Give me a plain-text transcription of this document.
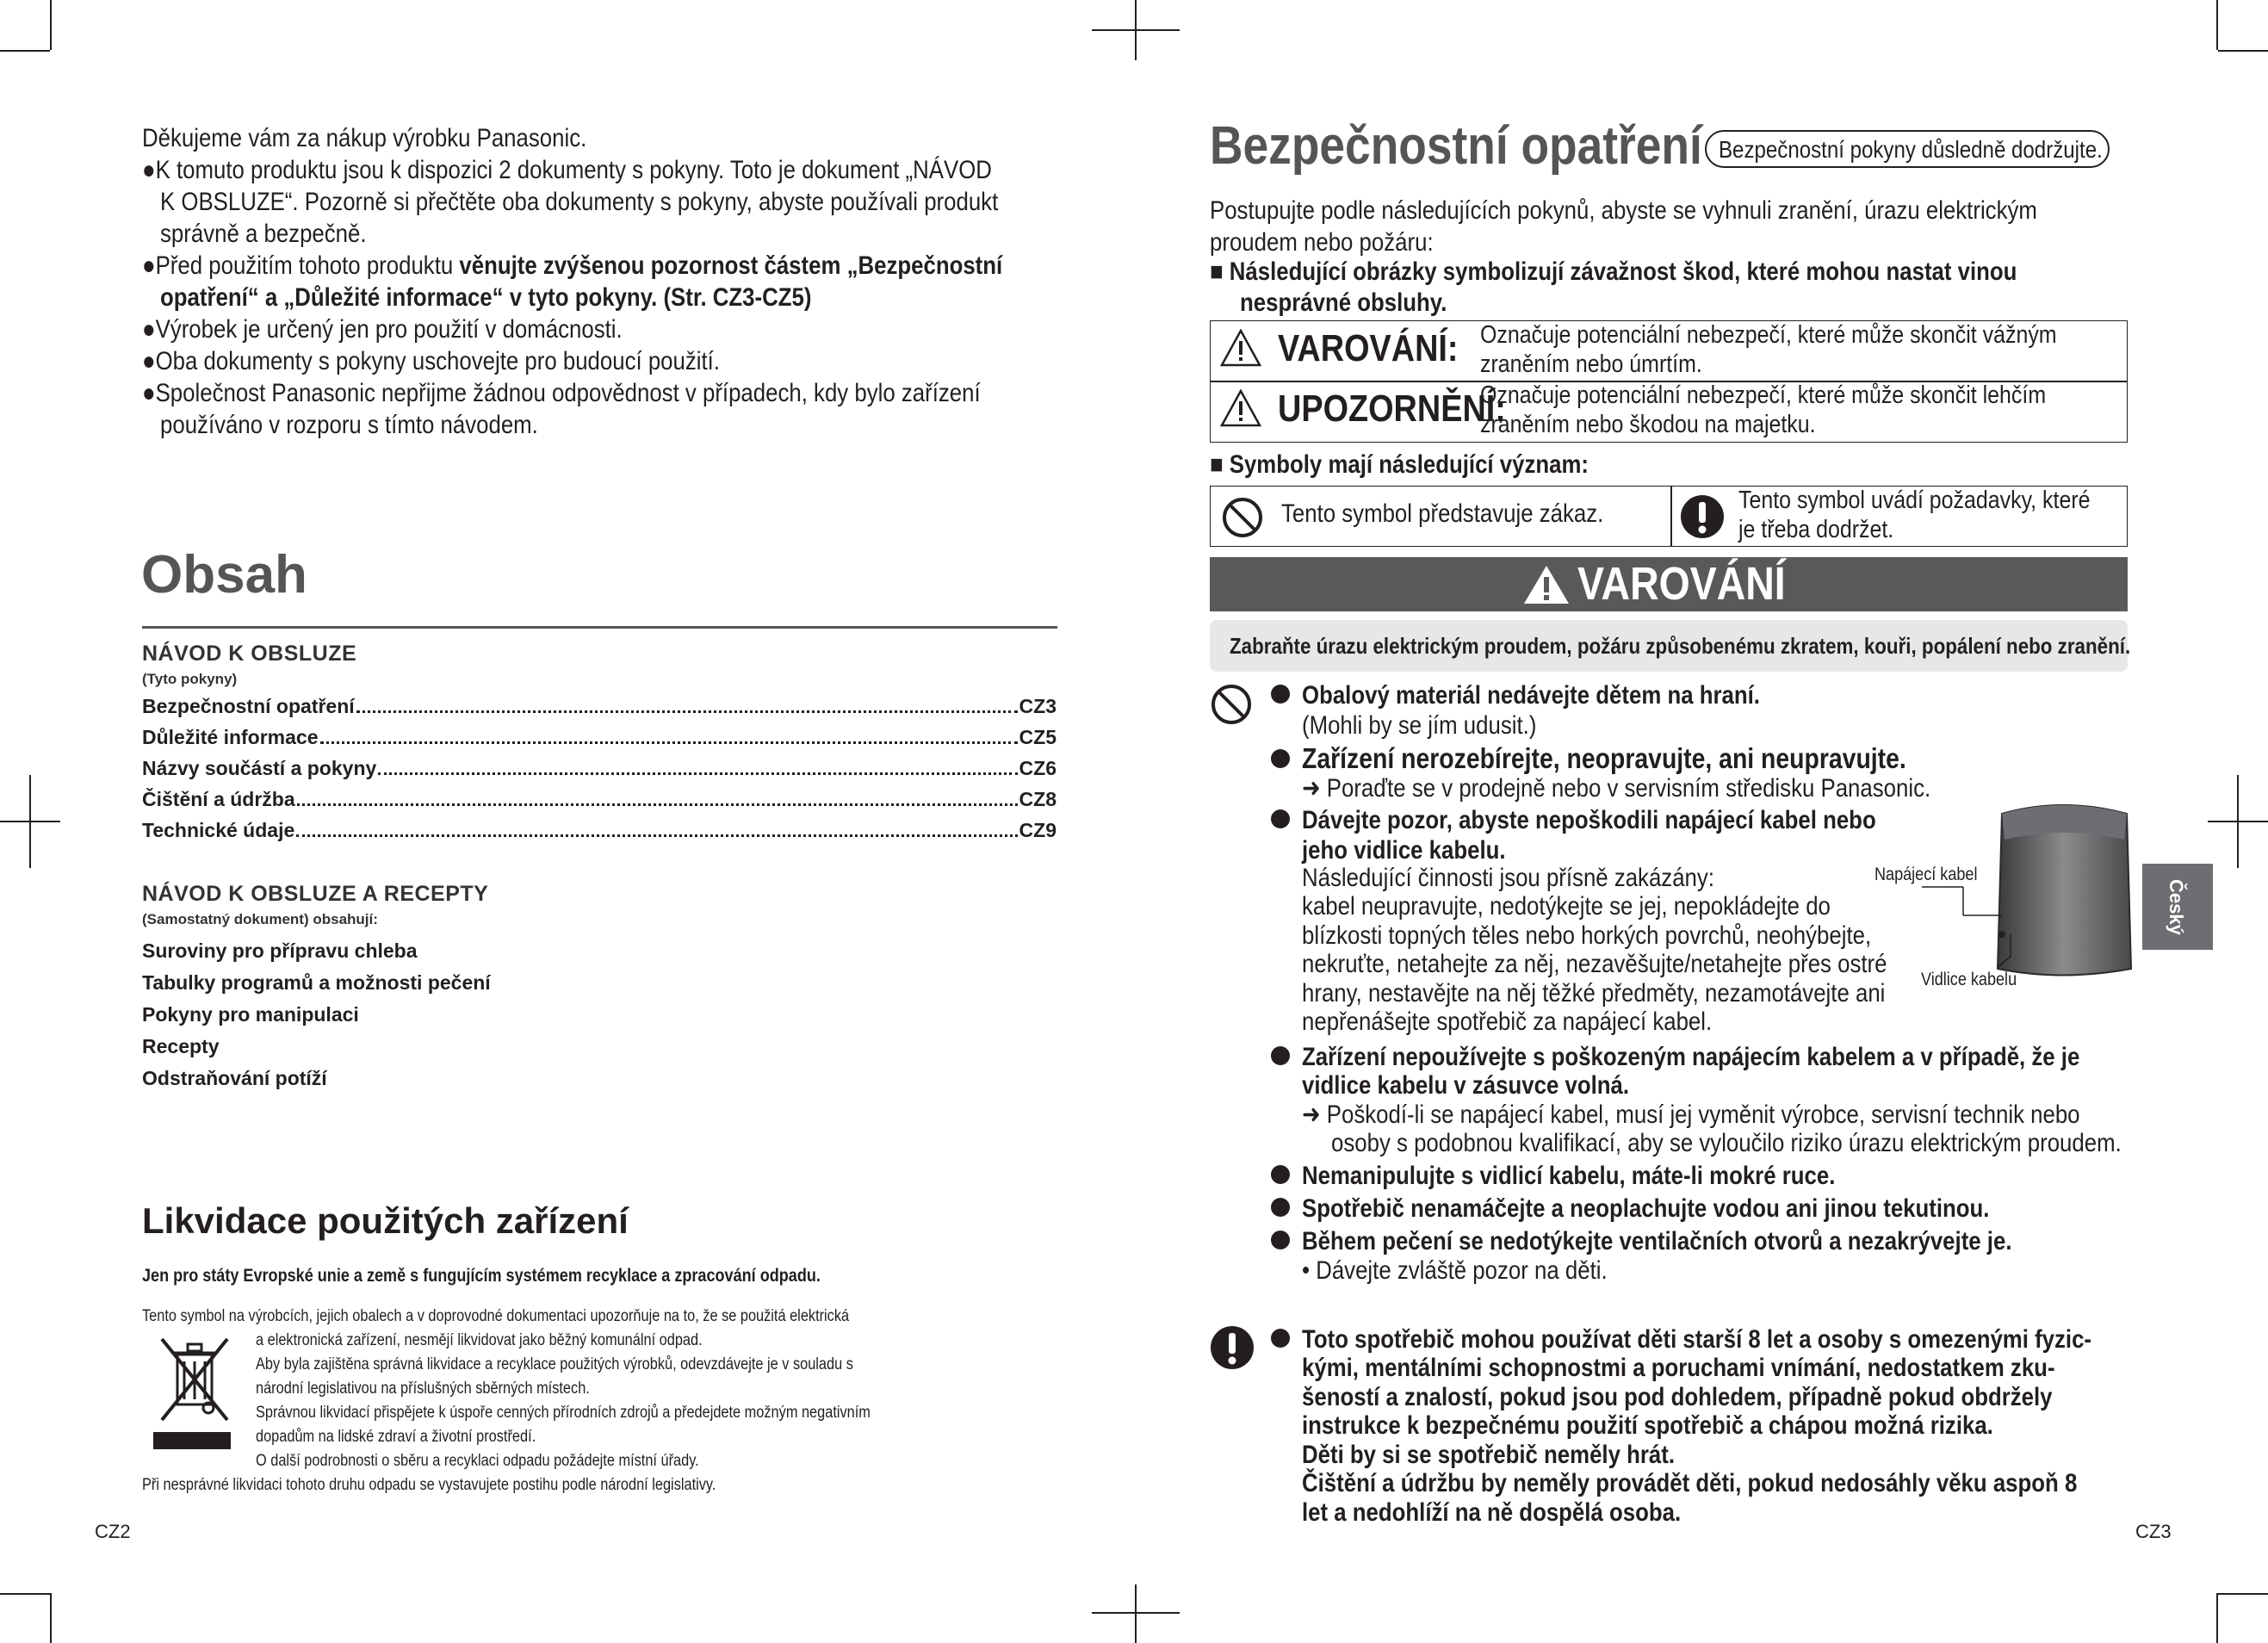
Děkujeme vám za nákup výrobku Panasonic.
●K tomuto produktu jsou k dispozici 2 dokumenty s pokyny. Toto je dokument „NÁVOD
K OBSLUZE“. Pozorně si přečtěte oba dokumenty s pokyny, abyste používali produkt
správně a bezpečně.
●Před použitím tohoto produktu věnujte zvýšenou pozornost částem „Bezpečnostní
opatření“ a „Důležité informace“ v tyto pokyny. (Str. CZ3-CZ5)
●Výrobek je určený jen pro použití v domácnosti.
●Oba dokumenty s pokyny uschovejte pro budoucí použití.
●Společnost Panasonic nepřijme žádnou odpovědnost v případech, kdy bylo zařízení
používáno v rozporu s tímto návodem.
Obsah
NÁVOD K OBSLUZE
(Tyto pokyny)
Bezpečnostní opatření	CZ3
Důležité informace	CZ5
Názvy součástí a pokyny	CZ6
Čištění a údržba	CZ8
Technické údaje	CZ9
NÁVOD K OBSLUZE A RECEPTY
(Samostatný dokument) obsahují:
Suroviny pro přípravu chleba
Tabulky programů a možnosti pečení
Pokyny pro manipulaci
Recepty
Odstraňování potíží
Likvidace použitých zařízení
Jen pro státy Evropské unie a země s fungujícím systémem recyklace a zpracování odpadu.
Tento symbol na výrobcích, jejich obalech a v doprovodné dokumentaci upozorňuje na to, že se použitá elektrická
a elektronická zařízení, nesmějí likvidovat jako běžný komunální odpad.
Aby byla zajištěna správná likvidace a recyklace použitých výrobků, odevzdávejte je v souladu s
národní legislativou na příslušných sběrných místech.
Správnou likvidací přispějete k úspoře cenných přírodních zdrojů a předejdete možným negativním
dopadům na lidské zdraví a životní prostředí.
O další podrobnosti o sběru a recyklaci odpadu požádejte místní úřady.
Při nesprávné likvidaci tohoto druhu odpadu se vystavujete postihu podle národní legislativy.
CZ2
Bezpečnostní opatření Bezpečnostní pokyny důsledně dodržujte.
Postupujte podle následujících pokynů, abyste se vyhnuli zranění, úrazu elektrickým
proudem nebo požáru:
■ Následující obrázky symbolizují závažnost škod, které mohou nastat vinou
nesprávné obsluhy.
VAROVÁNÍ: Označuje potenciální nebezpečí, které může skončit vážným
zraněním nebo úmrtím.
UPOZORNĚNÍ:
Označuje potenciální nebezpečí, které může skončit lehčím
zraněním nebo škodou na majetku.
■ Symboly mají následující význam:
Tento symbol představuje zákaz.	Tento symbol uvádí požadavky, které
je třeba dodržet.
VAROVÁNÍ
Zabraňte úrazu elektrickým proudem, požáru způsobenému zkratem, kouři, popálení nebo zranění.
Obalový materiál nedávejte dětem na hraní.
(Mohli by se jím udusit.)
Zařízení nerozebírejte, neopravujte, ani neupravujte.
➜ Poraďte se v prodejně nebo v servisním středisku Panasonic.
Dávejte pozor, abyste nepoškodili napájecí kabel nebo
jeho vidlice kabelu.
Následující činnosti jsou přísně zakázány:
kabel neupravujte, nedotýkejte se jej, nepokládejte do
blízkosti topných těles nebo horkých povrchů, neohýbejte,
nekruťte, netahejte za něj, nezavěšujte/netahejte přes ostré
hrany, nestavějte na něj těžké předměty, nezamotávejte ani
nepřenášejte spotřebič za napájecí kabel.
Napájecí kabel
Vidlice kabelu
Zařízení nepoužívejte s poškozeným napájecím kabelem a v případě, že je
vidlice kabelu v zásuvce volná.
➜ Poškodí-li se napájecí kabel, musí jej vyměnit výrobce, servisní technik nebo
osoby s podobnou kvalifikací, aby se vyloučilo riziko úrazu elektrickým proudem.
Nemanipulujte s vidlicí kabelu, máte-li mokré ruce.
Spotřebič nenamáčejte a neoplachujte vodou ani jinou tekutinou.
Během pečení se nedotýkejte ventilačních otvorů a nezakrývejte je.
• Dávejte zvláště pozor na děti.
Toto spotřebič mohou používat děti starší 8 let a osoby s omezenými fyzic-
kými, mentálními schopnostmi a poruchami vnímání, nedostatkem zku-
šeností a znalostí, pokud jsou pod dohledem, případně pokud obdržely
instrukce k bezpečnému použití spotřebič a chápou možná rizika.
Děti by si se spotřebič neměly hrát.
Čištění a údržbu by neměly provádět děti, pokud nedosáhly věku aspoň 8
let a nedohlíží na ně dospělá osoba.
Český
CZ3
